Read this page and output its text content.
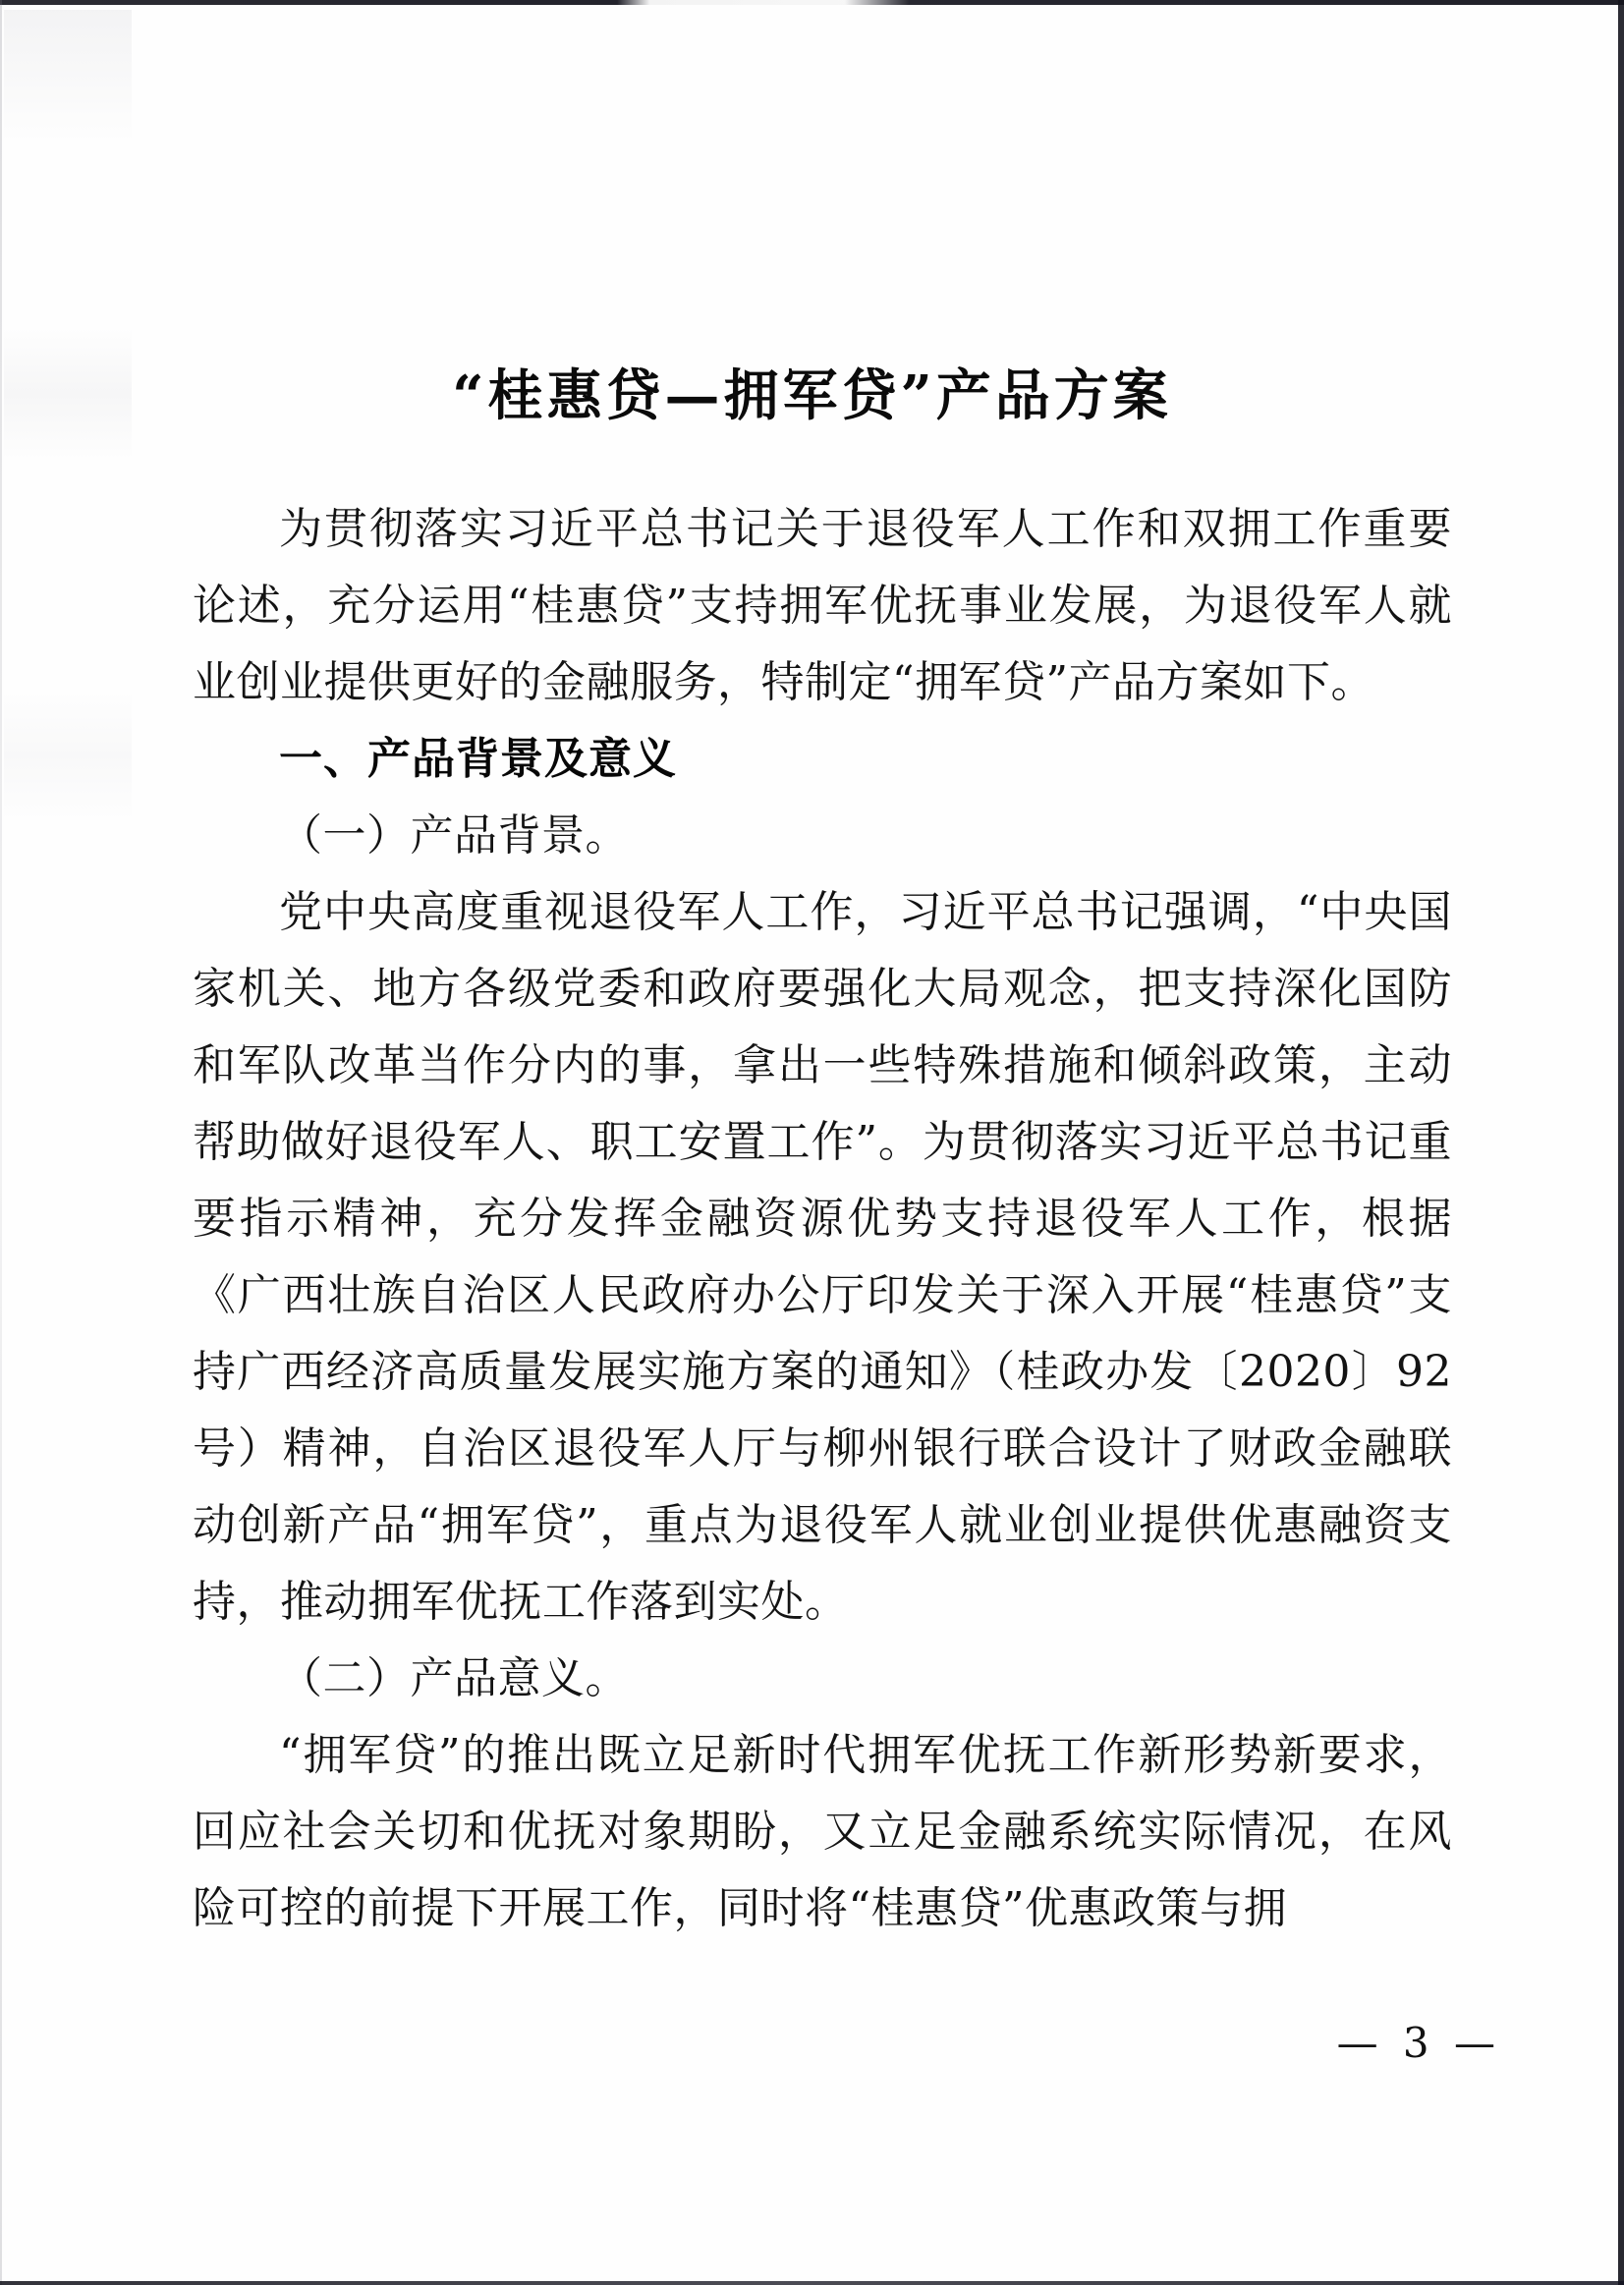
“桂惠贷—拥军贷”产品方案

为贯彻落实习近平总书记关于退役军人工作和双拥工作重要论述，充分运用“桂惠贷”支持拥军优抚事业发展，为退役军人就业创业提供更好的金融服务，特制定“拥军贷”产品方案如下。

一、产品背景及意义

（一）产品背景。

党中央高度重视退役军人工作，习近平总书记强调，“中央国家机关、地方各级党委和政府要强化大局观念，把支持深化国防和军队改革当作分内的事，拿出一些特殊措施和倾斜政策，主动帮助做好退役军人、职工安置工作”。为贯彻落实习近平总书记重要指示精神，充分发挥金融资源优势支持退役军人工作，根据《广西壮族自治区人民政府办公厅印发关于深入开展“桂惠贷”支持广西经济高质量发展实施方案的通知》（桂政办发〔2020〕92号）精神，自治区退役军人厅与柳州银行联合设计了财政金融联动创新产品“拥军贷”，重点为退役军人就业创业提供优惠融资支持，推动拥军优抚工作落到实处。

（二）产品意义。

“拥军贷”的推出既立足新时代拥军优抚工作新形势新要求，回应社会关切和优抚对象期盼，又立足金融系统实际情况，在风险可控的前提下开展工作，同时将“桂惠贷”优惠政策与拥

— 3 —
